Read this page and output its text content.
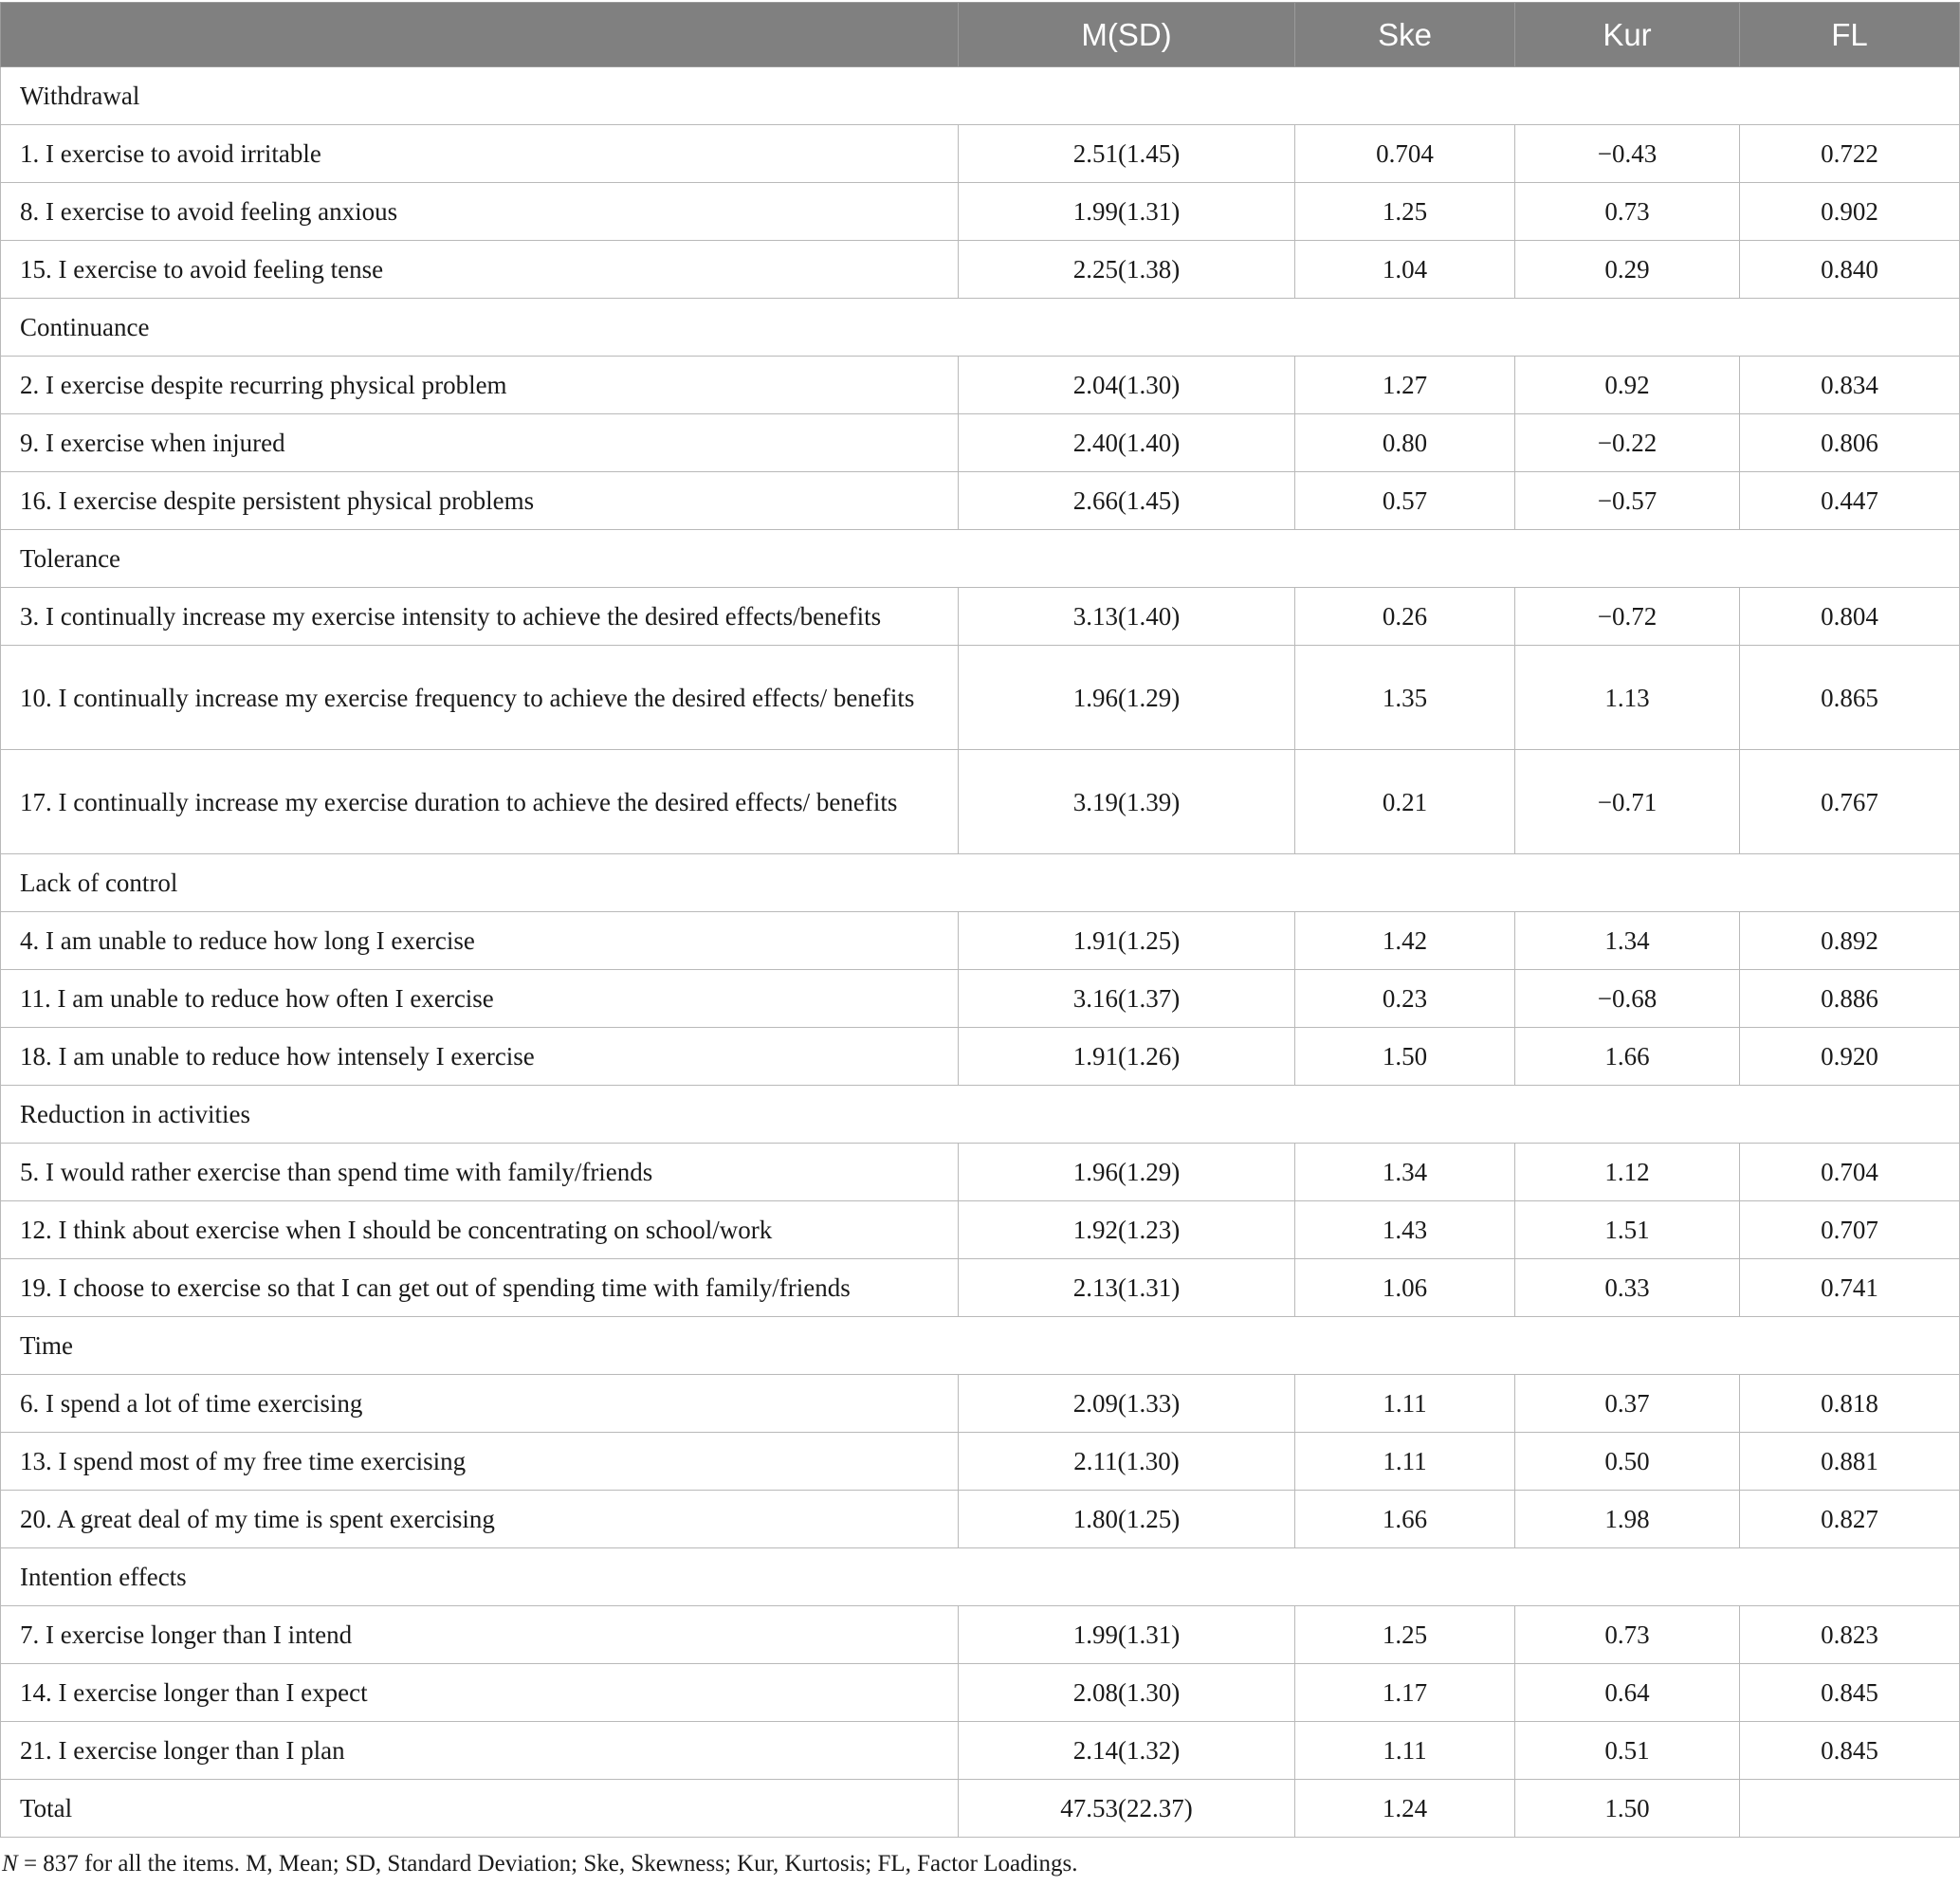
	M(SD)	Ske	Kur	FL
Withdrawal				
1. I exercise to avoid irritable	2.51(1.45)	0.704	−0.43	0.722
8. I exercise to avoid feeling anxious	1.99(1.31)	1.25	0.73	0.902
15. I exercise to avoid feeling tense	2.25(1.38)	1.04	0.29	0.840
Continuance				
2. I exercise despite recurring physical problem	2.04(1.30)	1.27	0.92	0.834
9. I exercise when injured	2.40(1.40)	0.80	−0.22	0.806
16. I exercise despite persistent physical problems	2.66(1.45)	0.57	−0.57	0.447
Tolerance				
3. I continually increase my exercise intensity to achieve the desired effects/benefits	3.13(1.40)	0.26	−0.72	0.804
10. I continually increase my exercise frequency to achieve the desired effects/ benefits	1.96(1.29)	1.35	1.13	0.865
17. I continually increase my exercise duration to achieve the desired effects/ benefits	3.19(1.39)	0.21	−0.71	0.767
Lack of control				
4. I am unable to reduce how long I exercise	1.91(1.25)	1.42	1.34	0.892
11. I am unable to reduce how often I exercise	3.16(1.37)	0.23	−0.68	0.886
18. I am unable to reduce how intensely I exercise	1.91(1.26)	1.50	1.66	0.920
Reduction in activities				
5. I would rather exercise than spend time with family/friends	1.96(1.29)	1.34	1.12	0.704
12. I think about exercise when I should be concentrating on school/work	1.92(1.23)	1.43	1.51	0.707
19. I choose to exercise so that I can get out of spending time with family/friends	2.13(1.31)	1.06	0.33	0.741
Time				
6. I spend a lot of time exercising	2.09(1.33)	1.11	0.37	0.818
13. I spend most of my free time exercising	2.11(1.30)	1.11	0.50	0.881
20. A great deal of my time is spent exercising	1.80(1.25)	1.66	1.98	0.827
Intention effects				
7. I exercise longer than I intend	1.99(1.31)	1.25	0.73	0.823
14. I exercise longer than I expect	2.08(1.30)	1.17	0.64	0.845
21. I exercise longer than I plan	2.14(1.32)	1.11	0.51	0.845
Total	47.53(22.37)	1.24	1.50	
N = 837 for all the items. M, Mean; SD, Standard Deviation; Ske, Skewness; Kur, Kurtosis; FL, Factor Loadings.
